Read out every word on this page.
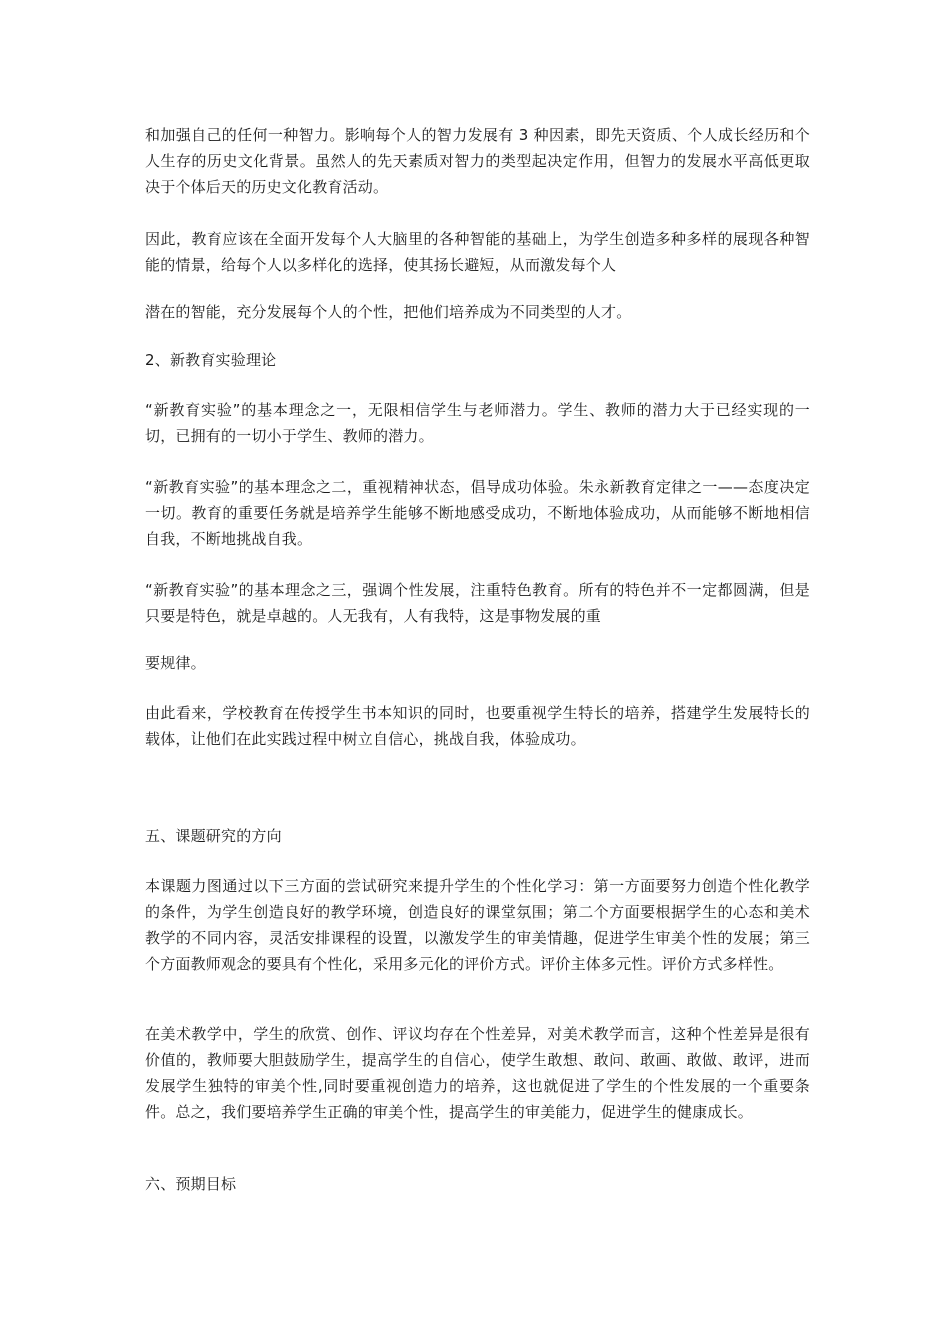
和加强自己的任何一种智力。影响每个人的智力发展有 3 种因素，即先天资质、个人成长经历和个人生存的历史文化背景。虽然人的先天素质对智力的类型起决定作用，但智力的发展水平高低更取决于个体后天的历史文化教育活动。

因此，教育应该在全面开发每个人大脑里的各种智能的基础上，为学生创造多种多样的展现各种智能的情景，给每个人以多样化的选择，使其扬长避短，从而激发每个人

潜在的智能，充分发展每个人的个性，把他们培养成为不同类型的人才。

2、新教育实验理论

“新教育实验”的基本理念之一，无限相信学生与老师潜力。学生、教师的潜力大于已经实现的一切，已拥有的一切小于学生、教师的潜力。

“新教育实验”的基本理念之二，重视精神状态，倡导成功体验。朱永新教育定律之一——态度决定一切。教育的重要任务就是培养学生能够不断地感受成功，不断地体验成功，从而能够不断地相信自我，不断地挑战自我。

“新教育实验”的基本理念之三，强调个性发展，注重特色教育。所有的特色并不一定都圆满，但是只要是特色，就是卓越的。人无我有，人有我特，这是事物发展的重

要规律。

由此看来，学校教育在传授学生书本知识的同时，也要重视学生特长的培养，搭建学生发展特长的载体，让他们在此实践过程中树立自信心，挑战自我，体验成功。

五、课题研究的方向

本课题力图通过以下三方面的尝试研究来提升学生的个性化学习：第一方面要努力创造个性化教学的条件，为学生创造良好的教学环境，创造良好的课堂氛围；第二个方面要根据学生的心态和美术教学的不同内容，灵活安排课程的设置，以激发学生的审美情趣，促进学生审美个性的发展；第三个方面教师观念的要具有个性化，采用多元化的评价方式。评价主体多元性。评价方式多样性。

在美术教学中，学生的欣赏、创作、评议均存在个性差异，对美术教学而言，这种个性差异是很有价值的，教师要大胆鼓励学生，提高学生的自信心，使学生敢想、敢问、敢画、敢做、敢评，进而发展学生独特的审美个性,同时要重视创造力的培养，这也就促进了学生的个性发展的一个重要条件。总之，我们要培养学生正确的审美个性，提高学生的审美能力，促进学生的健康成长。

六、预期目标
